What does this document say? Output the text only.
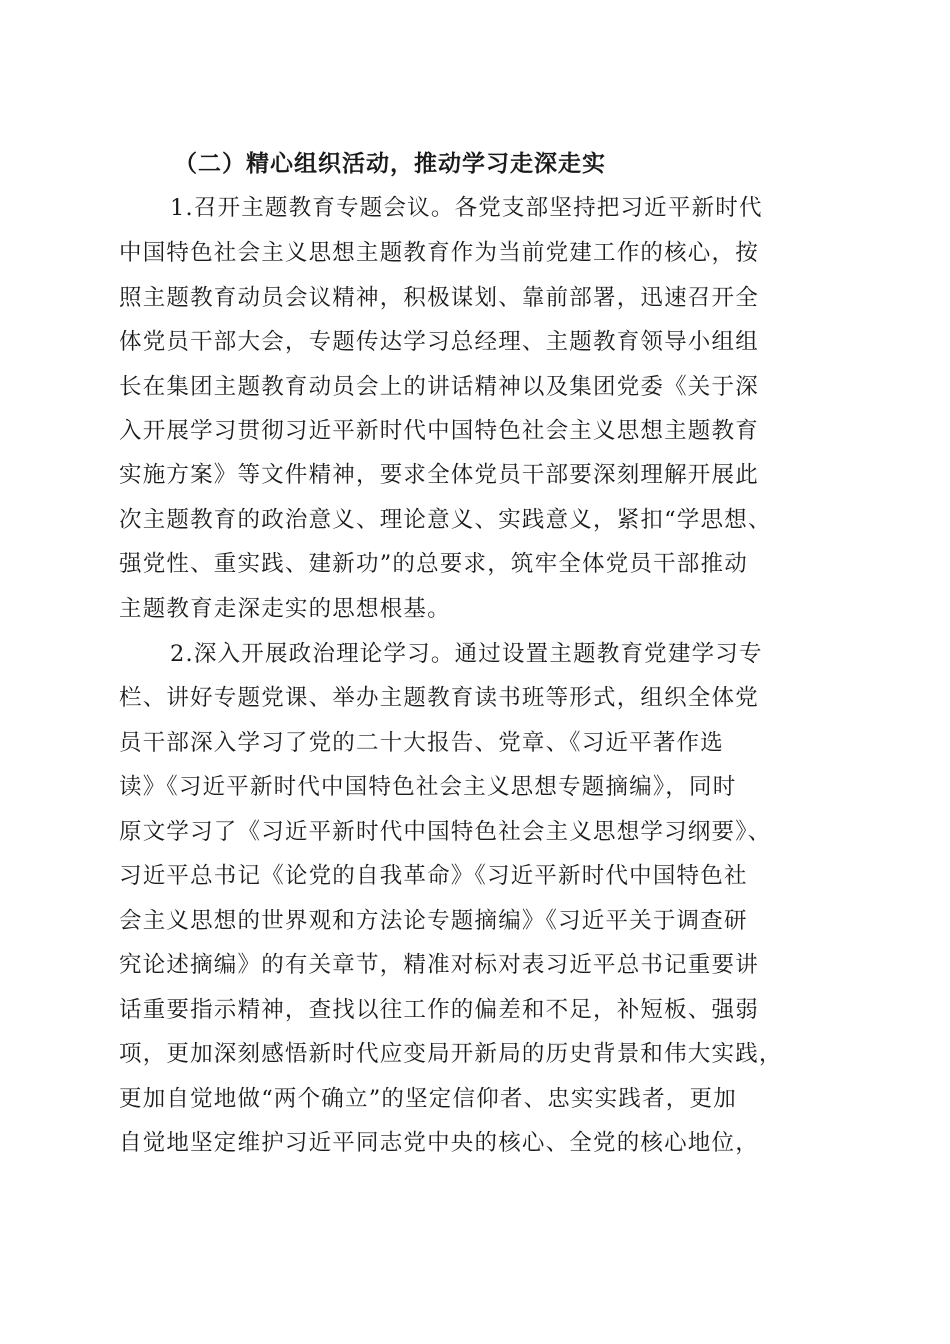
（二）精心组织活动，推动学习走深走实
1.召开主题教育专题会议。各党支部坚持把习近平新时代
中国特色社会主义思想主题教育作为当前党建工作的核心，按
照主题教育动员会议精神，积极谋划、靠前部署，迅速召开全
体党员干部大会，专题传达学习总经理、主题教育领导小组组
长在集团主题教育动员会上的讲话精神以及集团党委《关于深
入开展学习贯彻习近平新时代中国特色社会主义思想主题教育
实施方案》等文件精神，要求全体党员干部要深刻理解开展此
次主题教育的政治意义、理论意义、实践意义，紧扣“学思想、
强党性、重实践、建新功”的总要求，筑牢全体党员干部推动
主题教育走深走实的思想根基。
2.深入开展政治理论学习。通过设置主题教育党建学习专
栏、讲好专题党课、举办主题教育读书班等形式，组织全体党
员干部深入学习了党的二十大报告、党章、《习近平著作选
读》《习近平新时代中国特色社会主义思想专题摘编》，同时
原文学习了《习近平新时代中国特色社会主义思想学习纲要》、
习近平总书记《论党的自我革命》《习近平新时代中国特色社
会主义思想的世界观和方法论专题摘编》《习近平关于调查研
究论述摘编》的有关章节，精准对标对表习近平总书记重要讲
话重要指示精神，查找以往工作的偏差和不足，补短板、强弱
项，更加深刻感悟新时代应变局开新局的历史背景和伟大实践，
更加自觉地做“两个确立”的坚定信仰者、忠实实践者，更加
自觉地坚定维护习近平同志党中央的核心、全党的核心地位，
